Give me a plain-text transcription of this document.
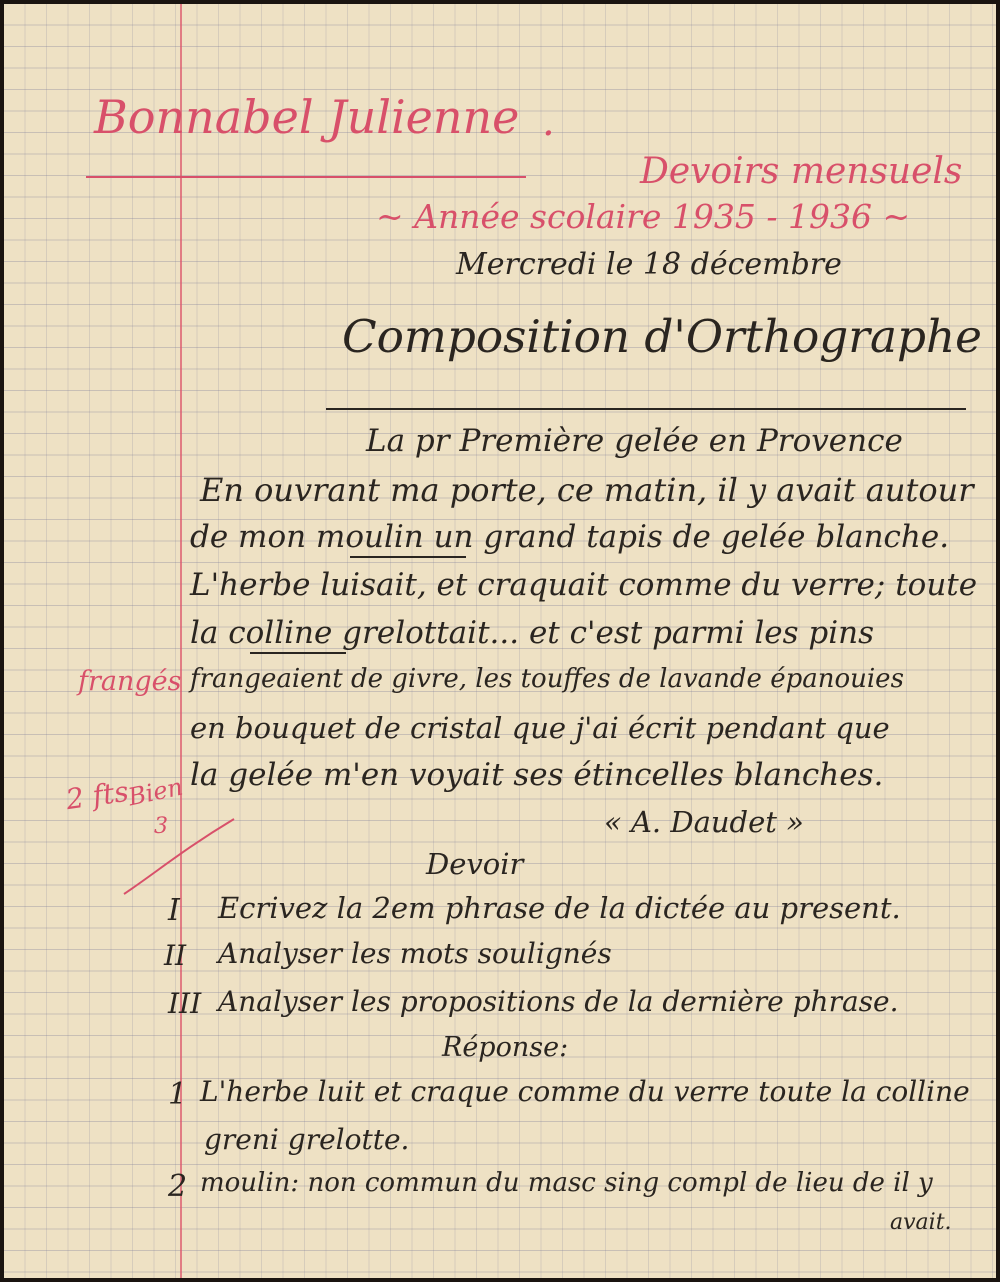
Bonnabel Julienne .
Devoirs mensuels
~ Année scolaire 1935 - 1936 ~
Mercredi le 18 décembre
Composition d'Orthographe
La pr Première gelée en Provence
En ouvrant ma porte, ce matin, il y avait autour
de mon moulin un grand tapis de gelée blanche.
L'herbe luisait, et craquait comme du verre; toute
la colline grelottait... et c'est parmi les pins
frangeaient de givre, les touffes de lavande épanouies
en bouquet de cristal que j'ai écrit pendant que
la gelée m'en voyait ses étincelles blanches.
« A. Daudet »
frangés
2 fts
Bien
3
Devoir
I Ecrivez la 2em phrase de la dictée au present.
II Analyser les mots soulignés
III Analyser les propositions de la dernière phrase.
Réponse:
1 L'herbe luit et craque comme du verre toute la colline
greni grelotte.
2 moulin: non commun du masc sing compl de lieu de il y
avait.
